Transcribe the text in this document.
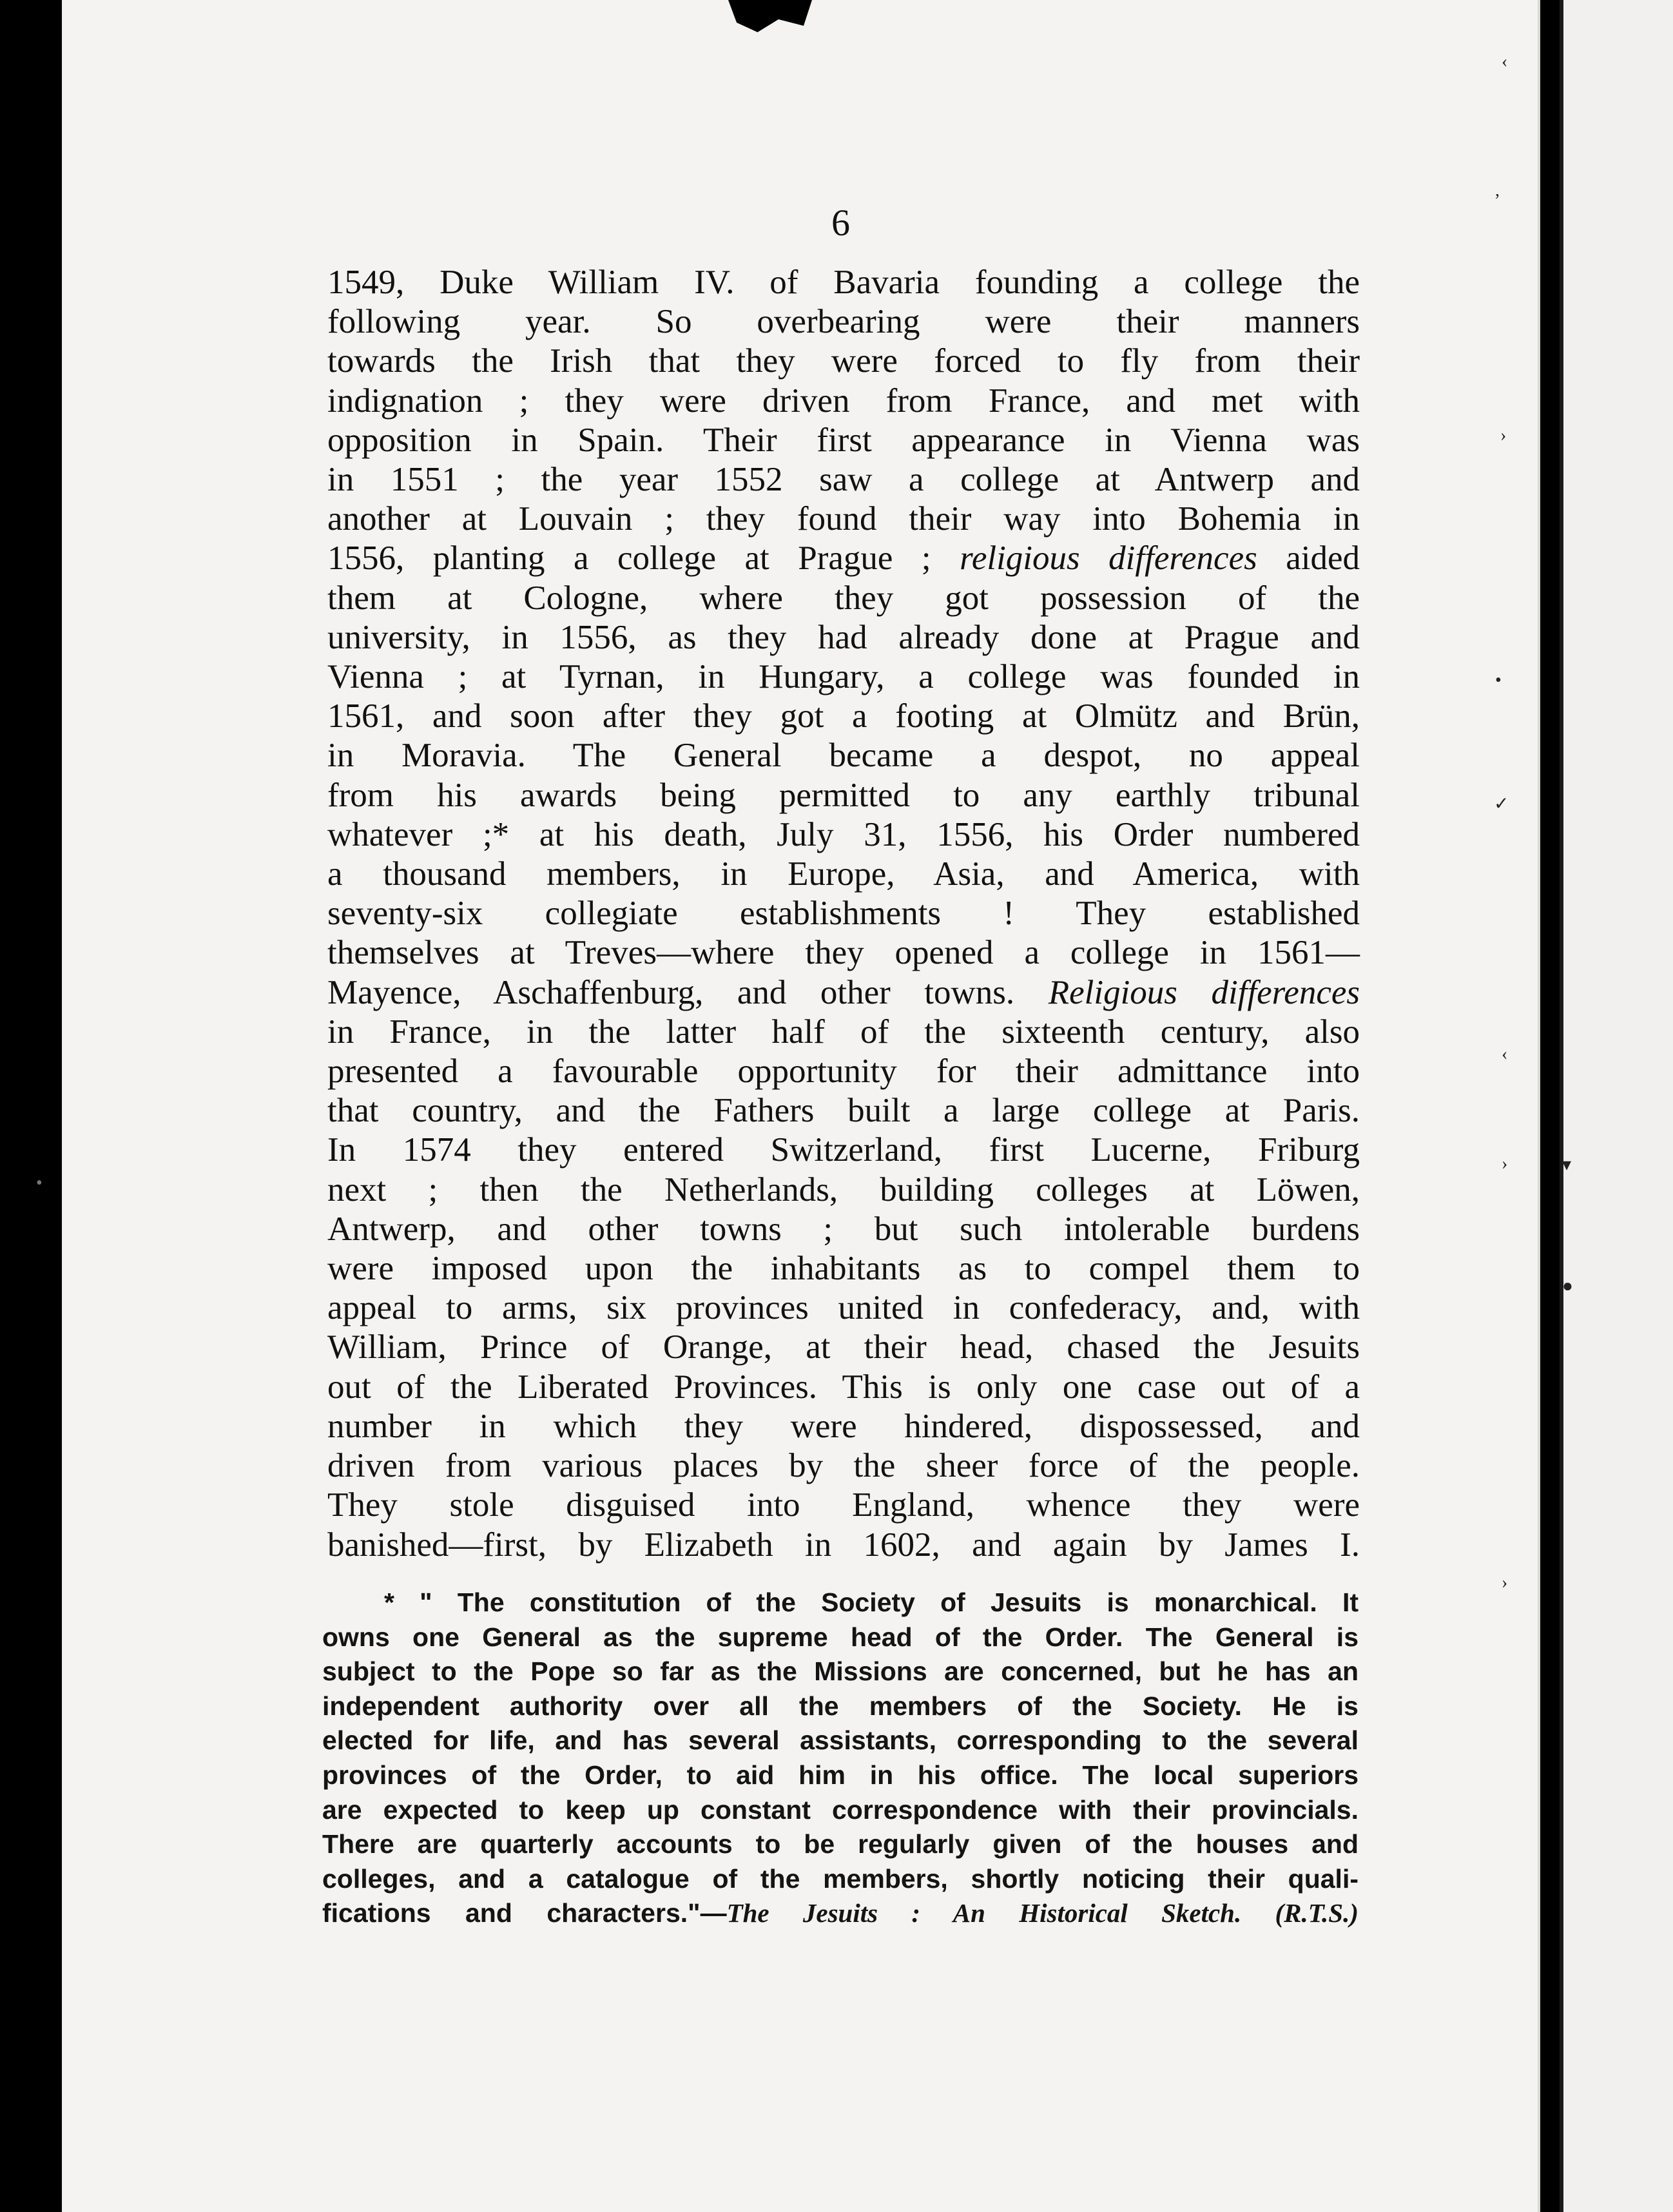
6
1549, Duke William IV. of Bavaria founding a college the
following year. So overbearing were their manners
towards the Irish that they were forced to fly from their
indignation ; they were driven from France, and met with
opposition in Spain. Their first appearance in Vienna was
in 1551 ; the year 1552 saw a college at Antwerp and
another at Louvain ; they found their way into Bohemia in
1556, planting a college at Prague ; religious differences aided
them at Cologne, where they got possession of the
university, in 1556, as they had already done at Prague and
Vienna ; at Tyrnan, in Hungary, a college was founded in
1561, and soon after they got a footing at Olmütz and Brün,
in Moravia. The General became a despot, no appeal
from his awards being permitted to any earthly tribunal
whatever ;* at his death, July 31, 1556, his Order numbered
a thousand members, in Europe, Asia, and America, with
seventy-six collegiate establishments ! They established
themselves at Treves—where they opened a college in 1561—
Mayence, Aschaffenburg, and other towns. Religious differences
in France, in the latter half of the sixteenth century, also
presented a favourable opportunity for their admittance into
that country, and the Fathers built a large college at Paris.
In 1574 they entered Switzerland, first Lucerne, Friburg
next ; then the Netherlands, building colleges at Löwen,
Antwerp, and other towns ; but such intolerable burdens
were imposed upon the inhabitants as to compel them to
appeal to arms, six provinces united in confederacy, and, with
William, Prince of Orange, at their head, chased the Jesuits
out of the Liberated Provinces. This is only one case out of a
number in which they were hindered, dispossessed, and
driven from various places by the sheer force of the people.
They stole disguised into England, whence they were
banished—first, by Elizabeth in 1602, and again by James I.
* " The constitution of the Society of Jesuits is monarchical. It
owns one General as the supreme head of the Order. The General is
subject to the Pope so far as the Missions are concerned, but he has an
independent authority over all the members of the Society. He is
elected for life, and has several assistants, corresponding to the several
provinces of the Order, to aid him in his office. The local superiors
are expected to keep up constant correspondence with their provincials.
There are quarterly accounts to be regularly given of the houses and
colleges, and a catalogue of the members, shortly noticing their quali-
fications and characters."—The Jesuits : An Historical Sketch. (R.T.S.)
‹
,
›
•
✓
‹
›
›
▾
●
•
